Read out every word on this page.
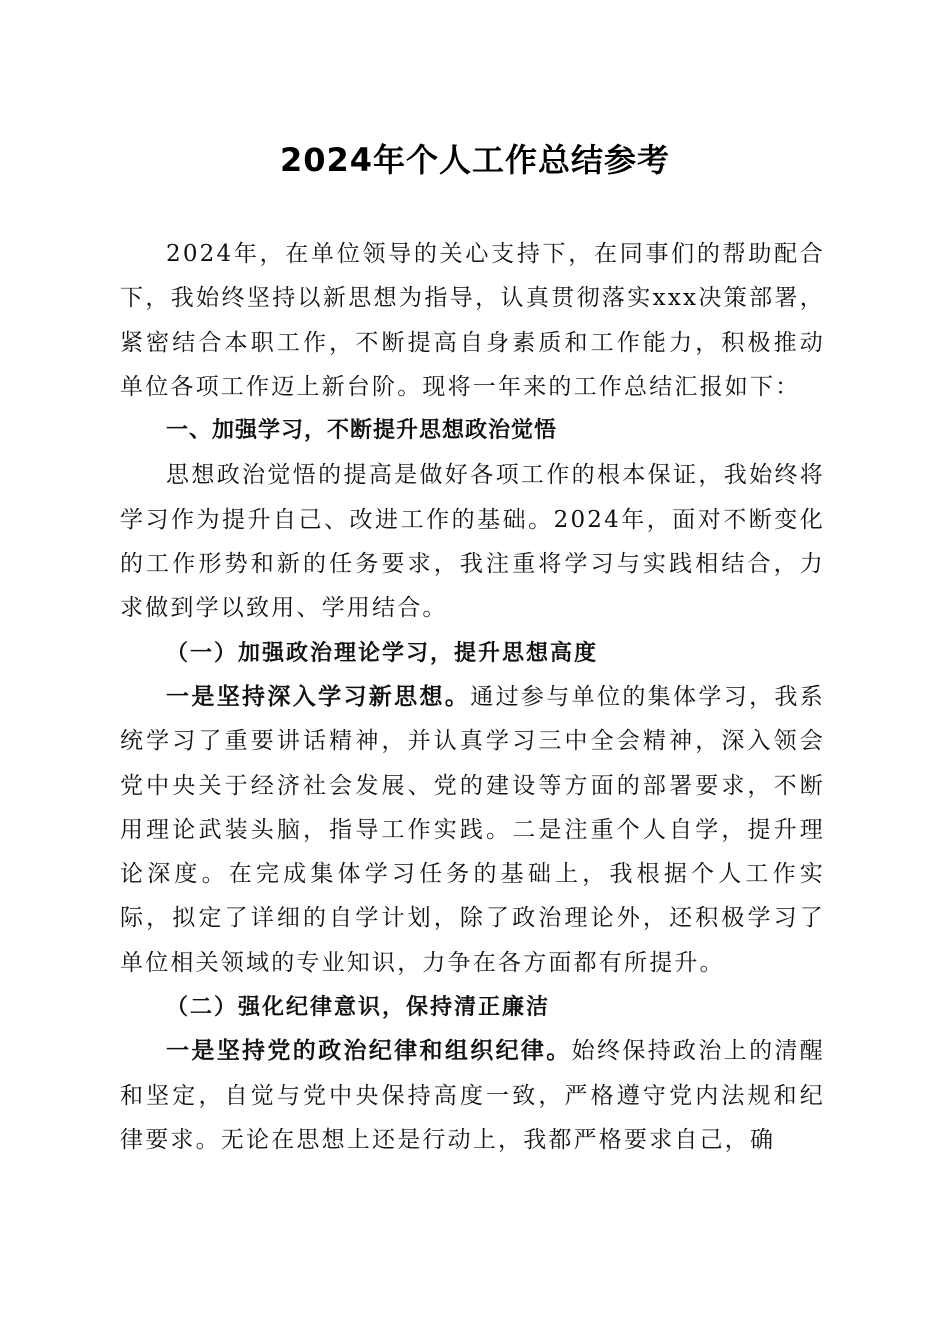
2024年个人工作总结参考

2024年，在单位领导的关心支持下，在同事们的帮助配合下，我始终坚持以新思想为指导，认真贯彻落实xxx决策部署，紧密结合本职工作，不断提高自身素质和工作能力，积极推动单位各项工作迈上新台阶。现将一年来的工作总结汇报如下：

一、加强学习，不断提升思想政治觉悟

思想政治觉悟的提高是做好各项工作的根本保证，我始终将学习作为提升自己、改进工作的基础。2024年，面对不断变化的工作形势和新的任务要求，我注重将学习与实践相结合，力求做到学以致用、学用结合。

（一）加强政治理论学习，提升思想高度

一是坚持深入学习新思想。通过参与单位的集体学习，我系统学习了重要讲话精神，并认真学习三中全会精神，深入领会党中央关于经济社会发展、党的建设等方面的部署要求，不断用理论武装头脑，指导工作实践。二是注重个人自学，提升理论深度。在完成集体学习任务的基础上，我根据个人工作实际，拟定了详细的自学计划，除了政治理论外，还积极学习了单位相关领域的专业知识，力争在各方面都有所提升。

（二）强化纪律意识，保持清正廉洁

一是坚持党的政治纪律和组织纪律。始终保持政治上的清醒和坚定，自觉与党中央保持高度一致，严格遵守党内法规和纪律要求。无论在思想上还是行动上，我都严格要求自己，确
